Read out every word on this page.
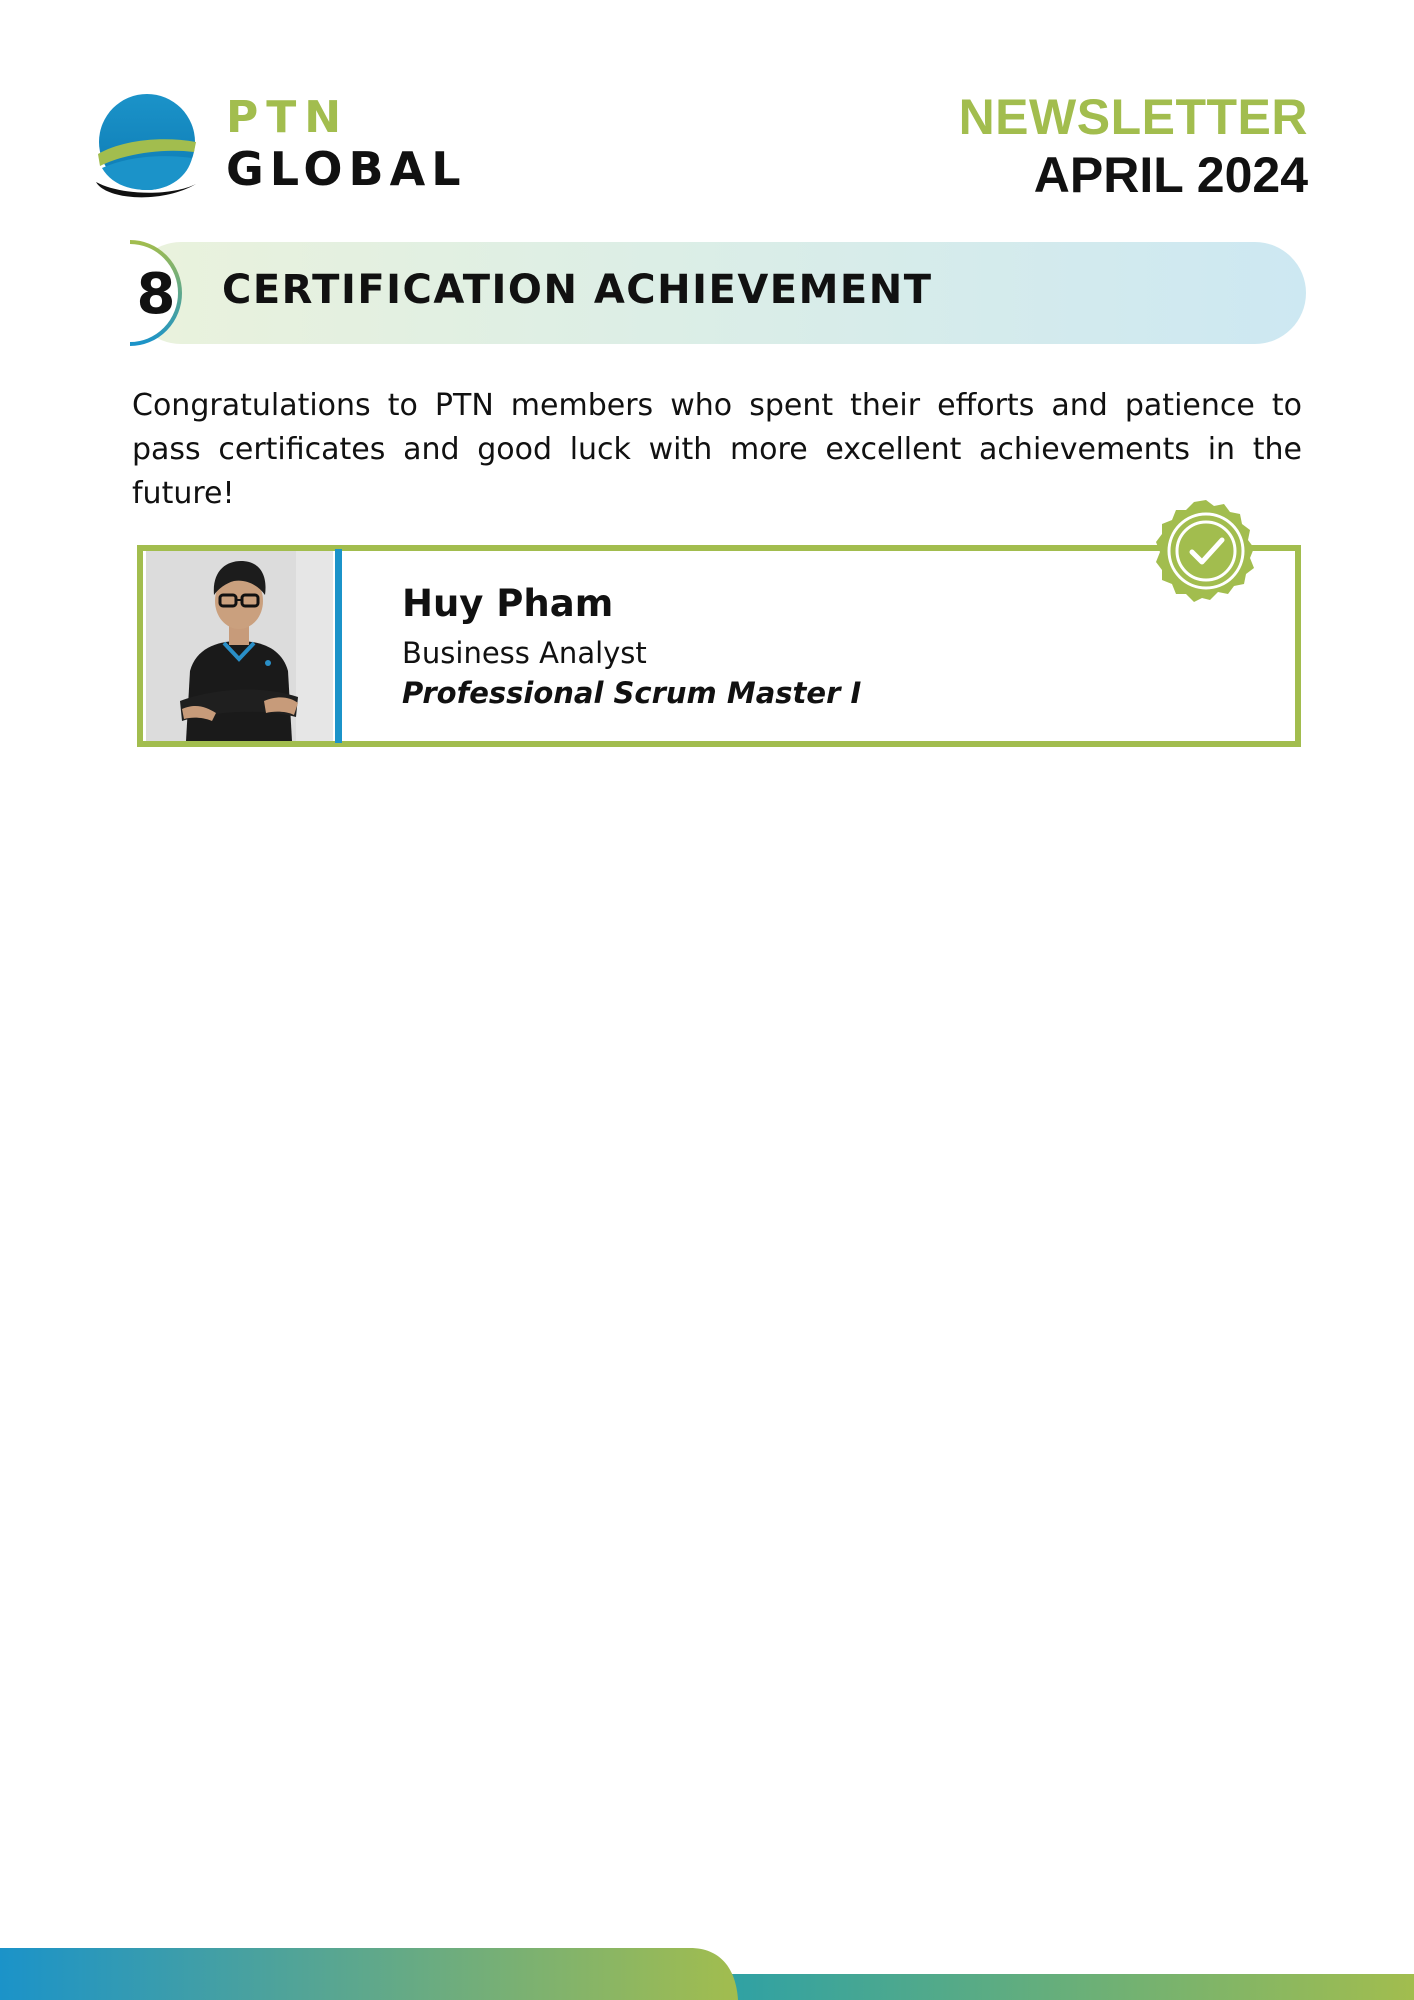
PTN
GLOBAL
NEWSLETTER
APRIL 2024
8 CERTIFICATION ACHIEVEMENT
Congratulations to PTN members who spent their efforts and patience to pass certificates and good luck with more excellent achievements in the future!
Huy Pham
Business Analyst
Professional Scrum Master I
